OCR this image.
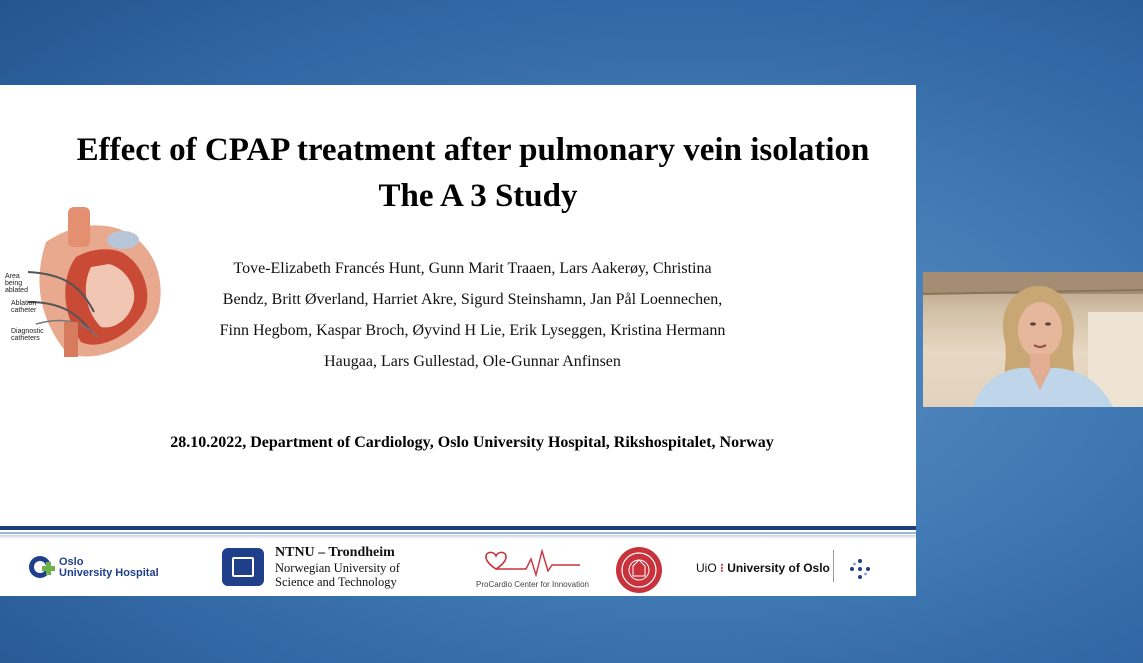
Effect of CPAP treatment after pulmonary vein isolation
The A 3 Study
Area
being
ablated
Ablation
catheter
Diagnostic
catheters
Tove-Elizabeth Francés Hunt, Gunn Marit Traaen, Lars Aakerøy, Christina
Bendz, Britt Øverland, Harriet Akre, Sigurd Steinshamn, Jan Pål Loennechen,
Finn Hegbom, Kaspar Broch, Øyvind H Lie, Erik Lyseggen, Kristina Hermann
Haugaa, Lars Gullestad, Ole-Gunnar Anfinsen
28.10.2022, Department of Cardiology, Oslo University Hospital, Rikshospitalet, Norway
Oslo
University Hospital
NTNU – Trondheim
Norwegian University of
Science and Technology	ProCardio Center for Innovation
UiO ⁝ University of Oslo
